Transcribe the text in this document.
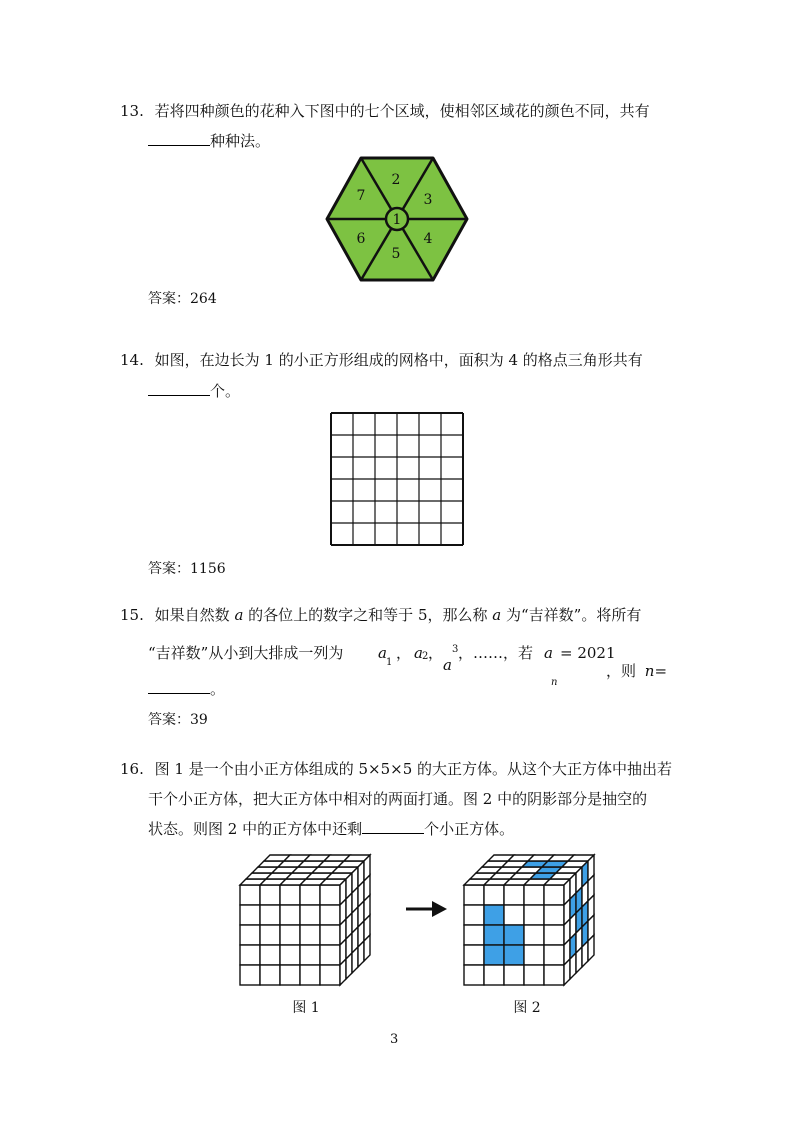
13. 若将四种颜色的花种入下图中的七个区域，使相邻区域花的颜色不同，共有
种种法。
1
2
3
4
5
6
7
答案：264
14. 如图，在边长为 1 的小正方形组成的网格中，面积为 4 的格点三角形共有
个。
答案：1156
15. 如果自然数 a 的各位上的数字之和等于 5，那么称 a 为“吉祥数”。将所有
“吉祥数”从小到大排成一列为 a
1
， a 2 ，
a
3 ，……，若 a = 2021
n
，则 n=
。
答案：39
16. 图 1 是一个由小正方体组成的 5×5×5 的大正方体。从这个大正方体中抽出若
干个小正方体，把大正方体中相对的两面打通。图 2 中的阴影部分是抽空的
状态。则图 2 中的正方体中还剩	个小正方体。
图 1	图 2
3
